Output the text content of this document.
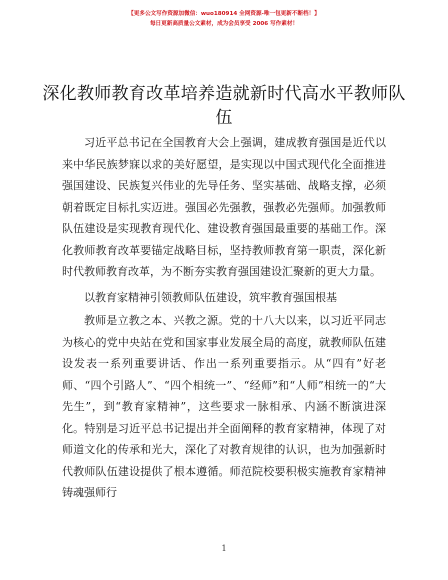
【更多公文写作资源加微信：wuo180914 全网资源-唯一包更新不断档！】
每日更新高质量公文素材，成为会员享受 2006 写作素材！
深化教师教育改革培养造就新时代高水平教师队伍

习近平总书记在全国教育大会上强调，建成教育强国是近代以来中华民族梦寐以求的美好愿望，是实现以中国式现代化全面推进强国建设、民族复兴伟业的先导任务、坚实基础、战略支撑，必须朝着既定目标扎实迈进。强国必先强教，强教必先强师。加强教师队伍建设是实现教育现代化、建设教育强国最重要的基础工作。深化教师教育改革要锚定战略目标，坚持教师教育第一职责，深化新时代教师教育改革，为不断夯实教育强国建设汇聚新的更大力量。

以教育家精神引领教师队伍建设，筑牢教育强国根基

教师是立教之本、兴教之源。党的十八大以来，以习近平同志为核心的党中央站在党和国家事业发展全局的高度，就教师队伍建设发表一系列重要讲话、作出一系列重要指示。从“四有”好老师、“四个引路人”、“四个相统一”、“经师”和“人师”相统一的“大先生”，到“教育家精神”，这些要求一脉相承、内涵不断演进深化。特别是习近平总书记提出并全面阐释的教育家精神，体现了对师道文化的传承和光大，深化了对教育规律的认识，也为加强新时代教师队伍建设提供了根本遵循。师范院校要积极实施教育家精神铸魂强师行

1
